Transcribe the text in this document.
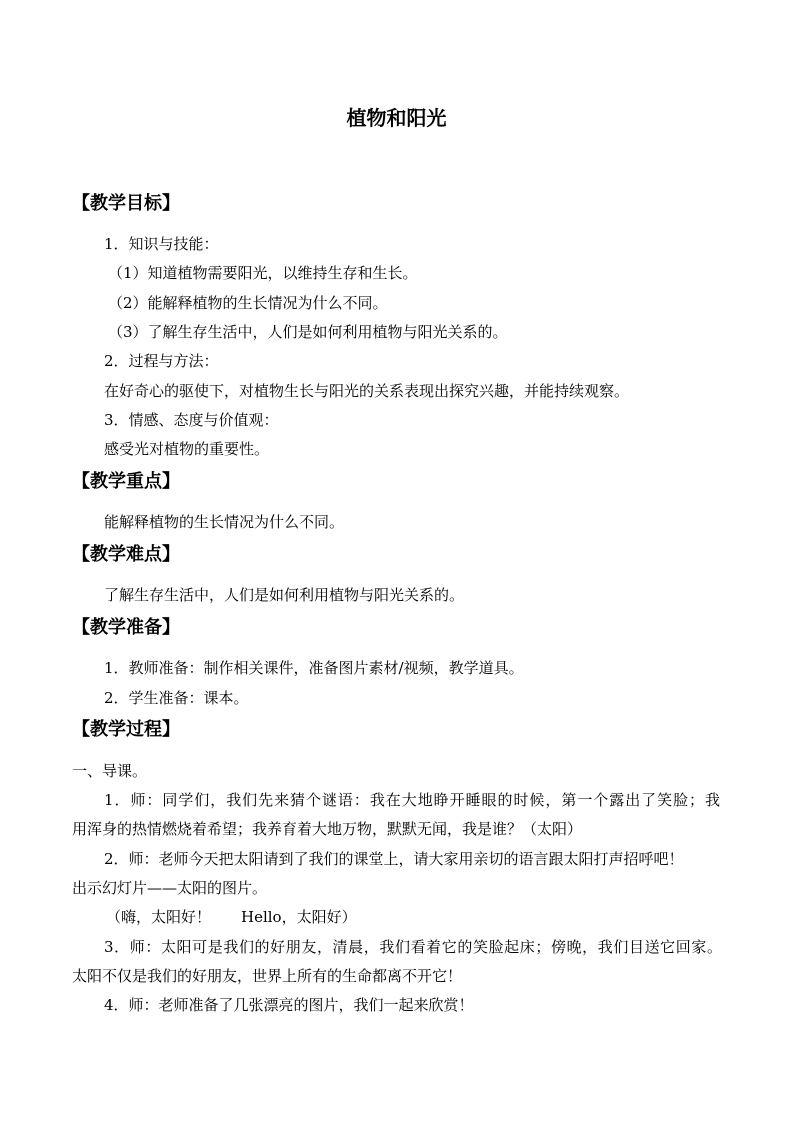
植物和阳光
【教学目标】
1．知识与技能：
（1）知道植物需要阳光，以维持生存和生长。
（2）能解释植物的生长情况为什么不同。
（3）了解生存生活中，人们是如何利用植物与阳光关系的。
2．过程与方法：
在好奇心的驱使下，对植物生长与阳光的关系表现出探究兴趣，并能持续观察。
3．情感、态度与价值观：
感受光对植物的重要性。
【教学重点】
能解释植物的生长情况为什么不同。
【教学难点】
了解生存生活中，人们是如何利用植物与阳光关系的。
【教学准备】
1．教师准备：制作相关课件，准备图片素材/视频，教学道具。
2．学生准备：课本。
【教学过程】
一、导课。
1．师：同学们，我们先来猜个谜语：我在大地睁开睡眼的时候，第一个露出了笑脸；我
用浑身的热情燃烧着希望；我养育着大地万物，默默无闻，我是谁？（太阳）
2．师：老师今天把太阳请到了我们的课堂上，请大家用亲切的语言跟太阳打声招呼吧！
出示幻灯片——太阳的图片。
（嗨，太阳好！　　Hello，太阳好）
3．师：太阳可是我们的好朋友，清晨，我们看着它的笑脸起床；傍晚，我们目送它回家。
太阳不仅是我们的好朋友，世界上所有的生命都离不开它！
4．师：老师准备了几张漂亮的图片，我们一起来欣赏！
